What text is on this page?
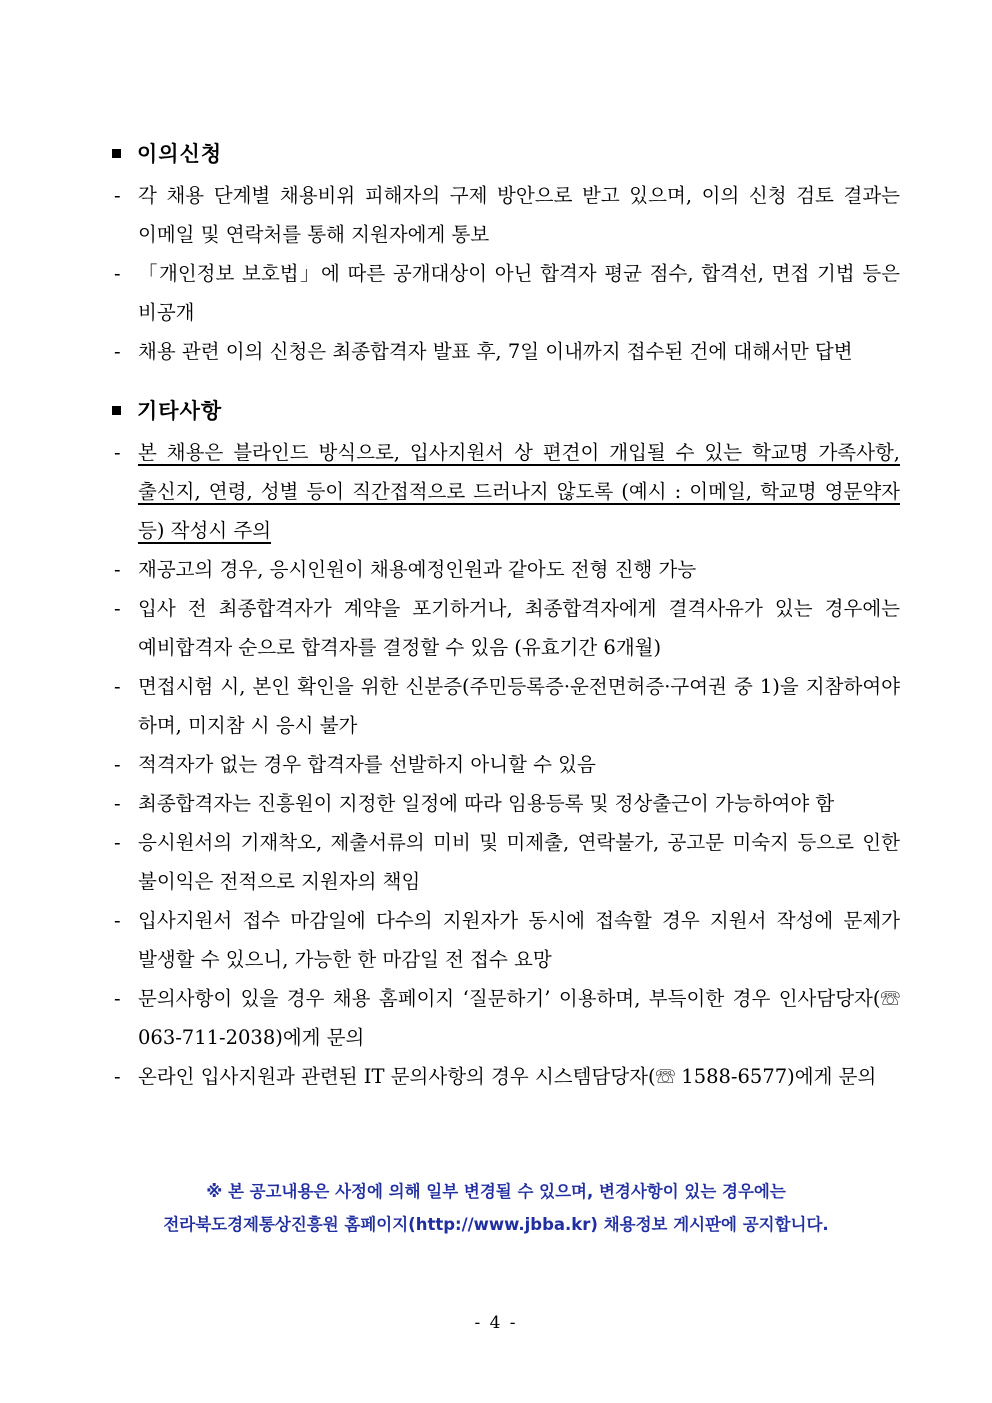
이의신청
- 각 채용 단계별 채용비위 피해자의 구제 방안으로 받고 있으며, 이의 신청 검토 결과는 이메일 및 연락처를 통해 지원자에게 통보
- 「개인정보 보호법」에 따른 공개대상이 아닌 합격자 평균 점수, 합격선, 면접 기법 등은 비공개
- 채용 관련 이의 신청은 최종합격자 발표 후, 7일 이내까지 접수된 건에 대해서만 답변
기타사항
- 본 채용은 블라인드 방식으로, 입사지원서 상 편견이 개입될 수 있는 학교명 가족사항, 출신지, 연령, 성별 등이 직간접적으로 드러나지 않도록 (예시 : 이메일, 학교명 영문약자 등) 작성시 주의
- 재공고의 경우, 응시인원이 채용예정인원과 같아도 전형 진행 가능
- 입사 전 최종합격자가 계약을 포기하거나, 최종합격자에게 결격사유가 있는 경우에는 예비합격자 순으로 합격자를 결정할 수 있음 (유효기간 6개월)
- 면접시험 시, 본인 확인을 위한 신분증(주민등록증·운전면허증·구여권 중 1)을 지참하여야 하며, 미지참 시 응시 불가
- 적격자가 없는 경우 합격자를 선발하지 아니할 수 있음
- 최종합격자는 진흥원이 지정한 일정에 따라 임용등록 및 정상출근이 가능하여야 함
- 응시원서의 기재착오, 제출서류의 미비 및 미제출, 연락불가, 공고문 미숙지 등으로 인한 불이익은 전적으로 지원자의 책임
- 입사지원서 접수 마감일에 다수의 지원자가 동시에 접속할 경우 지원서 작성에 문제가 발생할 수 있으니, 가능한 한 마감일 전 접수 요망
- 문의사항이 있을 경우 채용 홈페이지 ‘질문하기’ 이용하며, 부득이한 경우 인사담당자(☏ 063-711-2038)에게 문의
- 온라인 입사지원과 관련된 IT 문의사항의 경우 시스템담당자(☏ 1588-6577)에게 문의
※ 본 공고내용은 사정에 의해 일부 변경될 수 있으며, 변경사항이 있는 경우에는
전라북도경제통상진흥원 홈페이지(http://www.jbba.kr) 채용정보 게시판에 공지합니다.
- 4 -
